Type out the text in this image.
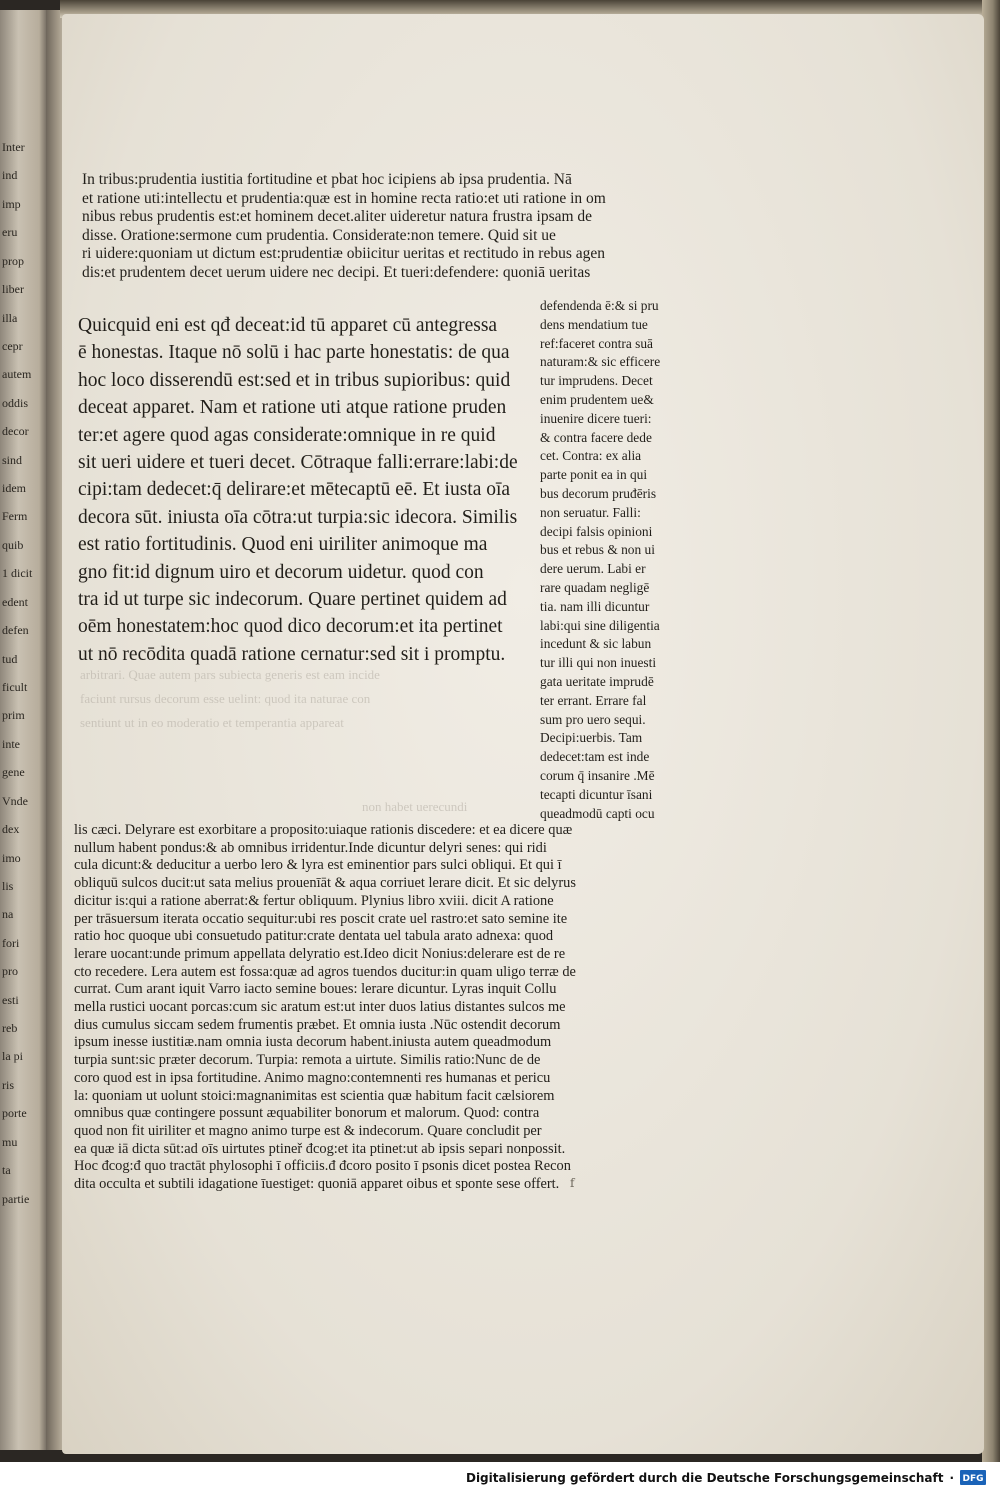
Inter
ind
imp
eru
prop
liber
illa
cepr
autem
oddis
decor
sind
idem
Ferm
quib
1 dicit
edent
defen
tud
ficult
prim
inte
gene
Vnde
dex
imo
lis
na
fori
pro
esti
reb
la pi
ris
porte
mu
ta
partie
arbitrari. Quae autem pars subiecta generis est eam incide
faciunt rursus decorum esse uelint: quod ita naturae con
sentiunt ut in eo moderatio et temperantia appareat
non habet uerecundi
In tribus:prudentia iustitia fortitudine et pbat hoc icipiens ab ipsa prudentia. Nā
et ratione uti:intellectu et prudentia:quæ est in homine recta ratio:et uti ratione in om
nibus rebus prudentis est:et hominem decet.aliter uideretur natura frustra ipsam de
disse. Oratione:sermone cum prudentia. Considerate:non temere. Quid sit ue
ri uidere:quoniam ut dictum est:prudentiæ obiicitur ueritas et rectitudo in rebus agen
dis:et prudentem decet uerum uidere nec decipi. Et tueri:defendere: quoniā ueritas
Quicquid eni est qđ deceat:id tū apparet cū antegressa
ē honestas. Itaque nō solū i hac parte honestatis: de qua
hoc loco disserendū est:sed et in tribus supioribus: quid
deceat apparet. Nam et ratione uti atque ratione pruden
ter:et agere quod agas considerate:omnique in re quid
sit ueri uidere et tueri decet. Cōtraque falli:errare:labi:de
cipi:tam dedecet:q̄ delirare:et mētecaptū eē. Et iusta oīa
decora sūt. iniusta oīa cōtra:ut turpia:sic idecora. Similis
est ratio fortitudinis. Quod eni uiriliter animoque ma
gno fit:id dignum uiro et decorum uidetur. quod con
tra id ut turpe sic indecorum. Quare pertinet quidem ad
oēm honestatem:hoc quod dico decorum:et ita pertinet
ut nō recōdita quadā ratione cernatur:sed sit i promptu.
defendenda ē:& si pru
dens mendatium tue
ref:faceret contra suā
naturam:& sic efficere
tur imprudens. Decet
enim prudentem ue&
inuenire dicere tueri:
& contra facere dede
cet. Contra: ex alia
parte ponit ea in qui
bus decorum pruđēris
non seruatur. Falli:
decipi falsis opinioni
bus et rebus & non ui
dere uerum. Labi er
rare quadam negligē
tia. nam illi dicuntur
labi:qui sine diligentia
incedunt & sic labun
tur illi qui non inuesti
gata ueritate imprudē
ter errant. Errare fal
sum pro uero sequi.
Decipi:uerbis. Tam
dedecet:tam est inde
corum q̄ insanire .Mē
tecapti dicuntur īsani
queadmodū capti ocu
lis cæci. Delyrare est exorbitare a proposito:uiaque rationis discedere: et ea dicere quæ
nullum habent pondus:& ab omnibus irridentur.Inde dicuntur delyri senes: qui ridi
cula dicunt:& deducitur a uerbo lero & lyra est eminentior pars sulci obliqui. Et qui ī
obliquū sulcos ducit:ut sata melius prouenīāt & aqua corriuet lerare dicit. Et sic delyrus
dicitur is:qui a ratione aberrat:& fertur obliquum. Plynius libro xviii. dicit A ratione
per trāsuersum iterata occatio sequitur:ubi res poscit crate uel rastro:et sato semine ite
ratio hoc quoque ubi consuetudo patitur:crate dentata uel tabula arato adnexa: quod
lerare uocant:unde primum appellata delyratio est.Ideo dicit Nonius:delerare est de re
cto recedere. Lera autem est fossa:quæ ad agros tuendos ducitur:in quam uligo terræ de
currat. Cum arant iquit Varro iacto semine boues: lerare dicuntur. Lyras inquit Collu
mella rustici uocant porcas:cum sic aratum est:ut inter duos latius distantes sulcos me
dius cumulus siccam sedem frumentis præbet. Et omnia iusta .Nūc ostendit decorum
ipsum inesse iustitiæ.nam omnia iusta decorum habent.iniusta autem queadmodum
turpia sunt:sic præter decorum. Turpia: remota a uirtute. Similis ratio:Nunc de de
coro quod est in ipsa fortitudine. Animo magno:contemnenti res humanas et pericu
la: quoniam ut uolunt stoici:magnanimitas est scientia quæ habitum facit cælsiorem
omnibus quæ contingere possunt æquabiliter bonorum et malorum. Quod: contra
quod non fit uiriliter et magno animo turpe est & indecorum. Quare concludit per
ea quæ iā dicta sūt:ad oīs uirtutes ptineř đcog:et ita ptinet:ut ab ipsis separi nonpossit.
Hoc đcog:đ quo tractāt phylosophi ī officiis.đ đcoro posito ī psonis dicet postea Recon
dita occulta et subtili idagatione īuestiget: quoniā apparet oibus et sponte sese offert. f
Digitalisierung gefördert durch die Deutsche Forschungsgemeinschaft · DFG
